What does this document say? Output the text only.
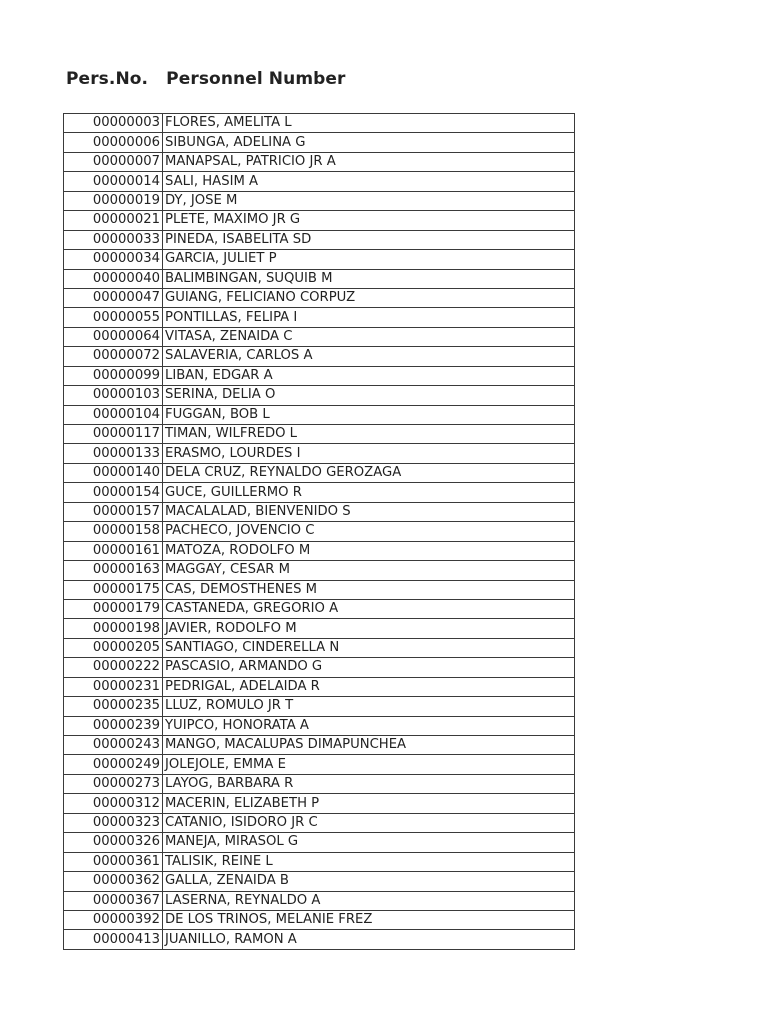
Pers.No. Personnel Number
00000003	FLORES, AMELITA L
00000006	SIBUNGA, ADELINA G
00000007	MANAPSAL, PATRICIO JR A
00000014	SALI, HASIM A
00000019	DY, JOSE M
00000021	PLETE, MAXIMO JR G
00000033	PINEDA, ISABELITA SD
00000034	GARCIA, JULIET P
00000040	BALIMBINGAN, SUQUIB M
00000047	GUIANG, FELICIANO CORPUZ
00000055	PONTILLAS, FELIPA I
00000064	VITASA, ZENAIDA C
00000072	SALAVERIA, CARLOS A
00000099	LIBAN, EDGAR A
00000103	SERINA, DELIA O
00000104	FUGGAN, BOB L
00000117	TIMAN, WILFREDO L
00000133	ERASMO, LOURDES I
00000140	DELA CRUZ, REYNALDO GEROZAGA
00000154	GUCE, GUILLERMO R
00000157	MACALALAD, BIENVENIDO S
00000158	PACHECO, JOVENCIO C
00000161	MATOZA, RODOLFO M
00000163	MAGGAY, CESAR M
00000175	CAS, DEMOSTHENES M
00000179	CASTANEDA, GREGORIO A
00000198	JAVIER, RODOLFO M
00000205	SANTIAGO, CINDERELLA N
00000222	PASCASIO, ARMANDO G
00000231	PEDRIGAL, ADELAIDA R
00000235	LLUZ, ROMULO JR T
00000239	YUIPCO, HONORATA A
00000243	MANGO, MACALUPAS DIMAPUNCHEA
00000249	JOLEJOLE, EMMA E
00000273	LAYOG, BARBARA R
00000312	MACERIN, ELIZABETH P
00000323	CATANIO, ISIDORO JR C
00000326	MANEJA, MIRASOL G
00000361	TALISIK, REINE L
00000362	GALLA, ZENAIDA B
00000367	LASERNA, REYNALDO A
00000392	DE LOS TRINOS, MELANIE FREZ
00000413	JUANILLO, RAMON A
